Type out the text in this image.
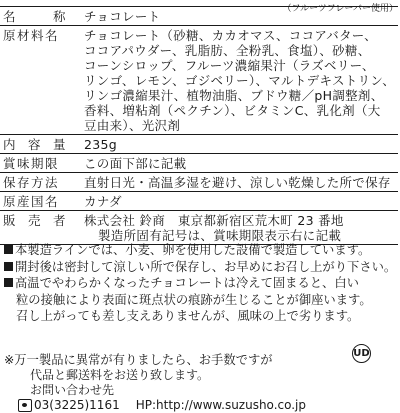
（フルーツフレーバー使用）
名	称	チョコレート
原材料名	チョコレート（砂糖、カカオマス、ココアバター、
ココアパウダー、乳脂肪、全粉乳、食塩）、砂糖、
コーンシロップ、フルーツ濃縮果汁（ラズベリー、
リンゴ、レモン、ゴジベリー）、マルトデキストリン、
リンゴ濃縮果汁、植物油脂、ブドウ糖／pH調整剤、
香料、増粘剤（ペクチン）、ビタミンC、乳化剤（大
豆由来）、光沢剤
内 容 量	235g
賞味期限	この面下部に記載
保存方法	直射日光・高温多湿を避け、涼しい乾燥した所で保存
原産国名	カナダ
販 売 者 株式会社 鈴商　東京都新宿区荒木町 23 番地
製造所固有記号は、賞味期限表示右に記載
本製造ラインでは、小麦、卵を使用した設備で製造しています。
開封後は密封して涼しい所で保存し、お早めにお召し上がり下さい。
高温でやわらかくなったチョコレートは冷えて固まると、白い
粒の接触により表面に斑点状の痕跡が生じることが御座います。
召し上がっても差し支えありませんが、風味の上で劣ります。
UD
※万一製品に異常が有りましたら、お手数ですが
代品と郵送料をお送り致します。
お問い合わせ先
03(3225)1161 HP:http://www.suzusho.co.jp
